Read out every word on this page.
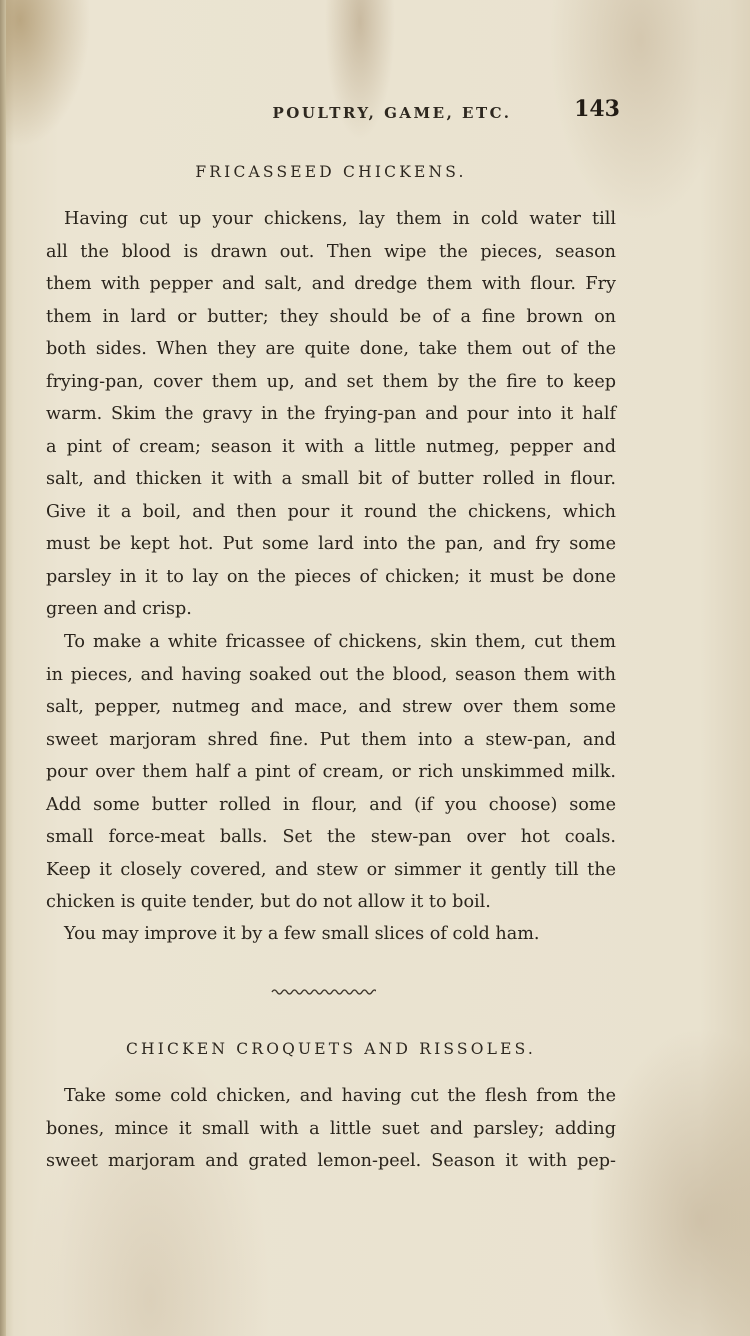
POULTRY, GAME, ETC.	143
FRICASSEED CHICKENS.
Having cut up your chickens, lay them in cold water till
all the blood is drawn out. Then wipe the pieces, season
them with pepper and salt, and dredge them with flour. Fry
them in lard or butter; they should be of a fine brown on
both sides. When they are quite done, take them out of the
frying-pan, cover them up, and set them by the fire to keep
warm. Skim the gravy in the frying-pan and pour into it half
a pint of cream; season it with a little nutmeg, pepper and
salt, and thicken it with a small bit of butter rolled in flour.
Give it a boil, and then pour it round the chickens, which
must be kept hot. Put some lard into the pan, and fry some
parsley in it to lay on the pieces of chicken; it must be done
green and crisp.
To make a white fricassee of chickens, skin them, cut them
in pieces, and having soaked out the blood, season them with
salt, pepper, nutmeg and mace, and strew over them some
sweet marjoram shred fine. Put them into a stew-pan, and
pour over them half a pint of cream, or rich unskimmed milk.
Add some butter rolled in flour, and (if you choose) some
small force-meat balls. Set the stew-pan over hot coals.
Keep it closely covered, and stew or simmer it gently till the
chicken is quite tender, but do not allow it to boil.
You may improve it by a few small slices of cold ham.
CHICKEN CROQUETS AND RISSOLES.
Take some cold chicken, and having cut the flesh from the
bones, mince it small with a little suet and parsley; adding
sweet marjoram and grated lemon-peel. Season it with pep-
